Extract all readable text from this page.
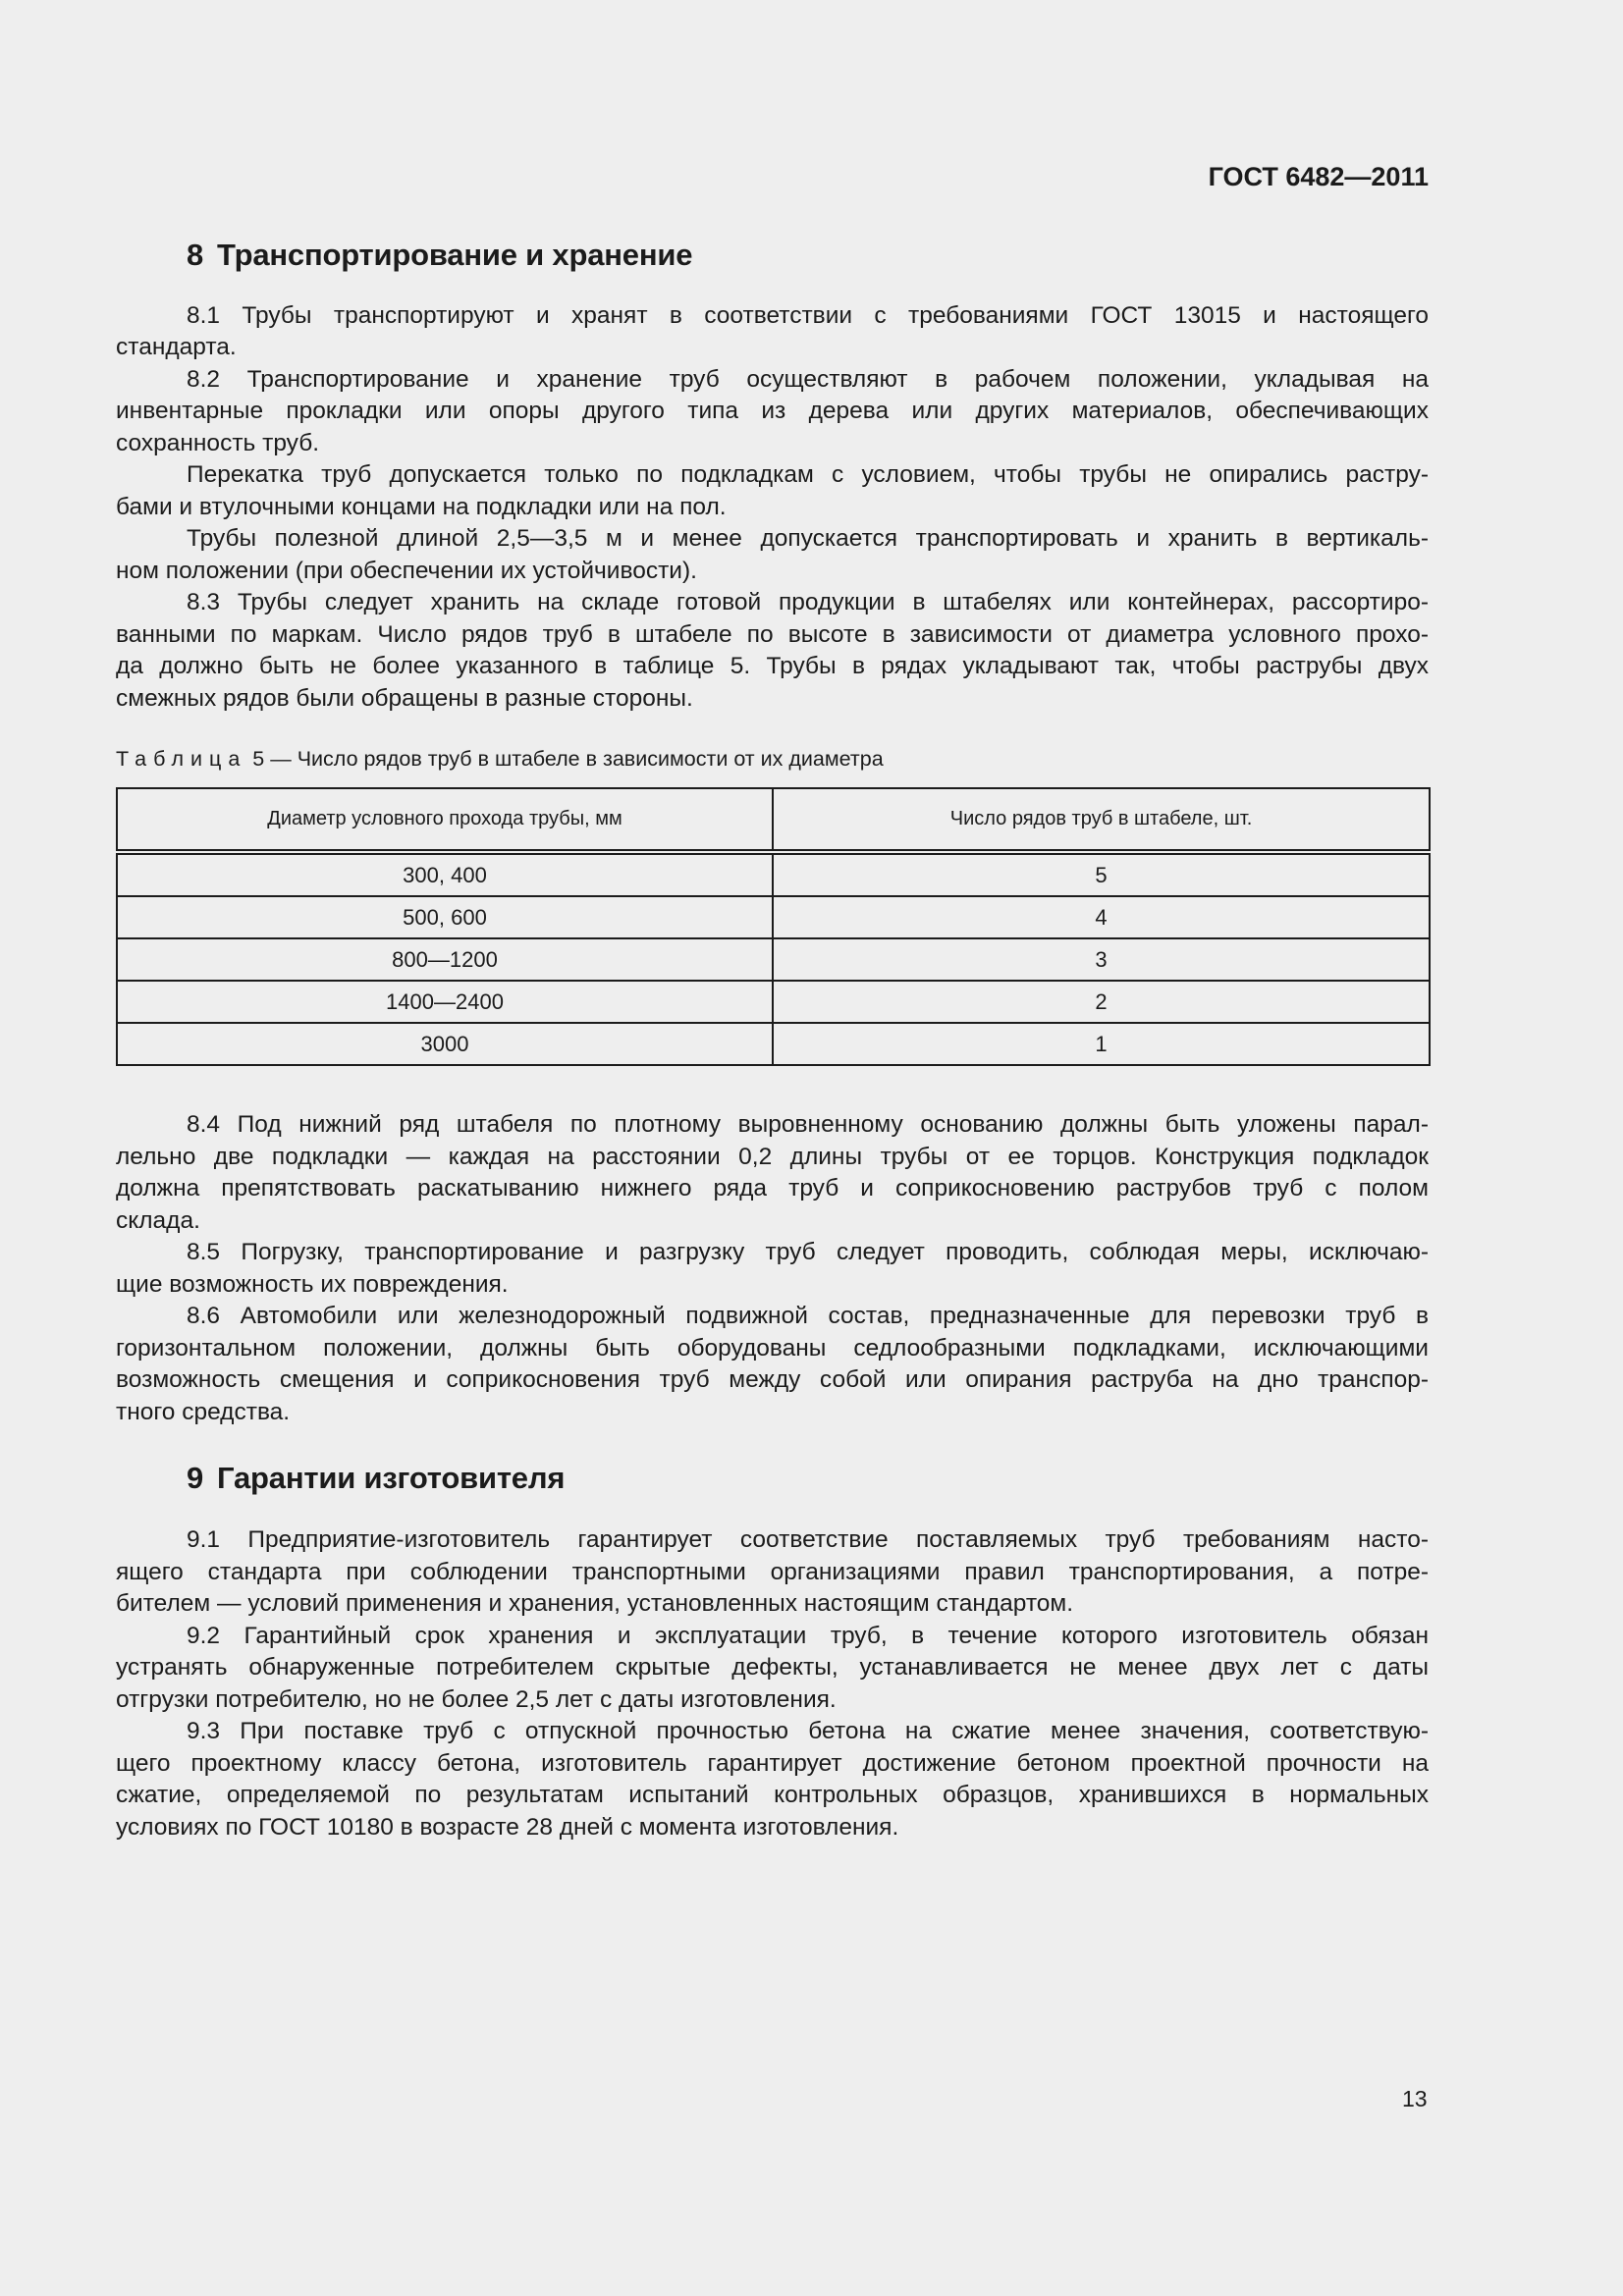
ГОСТ 6482—2011
8 Транспортирование и хранение
8.1 Трубы транспортируют и хранят в соответствии с требованиями ГОСТ 13015 и настоящего
стандарта.
8.2 Транспортирование и хранение труб осуществляют в рабочем положении, укладывая на
инвентарные прокладки или опоры другого типа из дерева или других материалов, обеспечивающих
сохранность труб.
Перекатка труб допускается только по подкладкам с условием, чтобы трубы не опирались растру-
бами и втулочными концами на подкладки или на пол.
Трубы полезной длиной 2,5—3,5 м и менее допускается транспортировать и хранить в вертикаль-
ном положении (при обеспечении их устойчивости).
8.3 Трубы следует хранить на складе готовой продукции в штабелях или контейнерах, рассортиро-
ванными по маркам. Число рядов труб в штабеле по высоте в зависимости от диаметра условного прохо-
да должно быть не более указанного в таблице 5. Трубы в рядах укладывают так, чтобы раструбы двух
смежных рядов были обращены в разные стороны.
Таблица 5 — Число рядов труб в штабеле в зависимости от их диаметра
Диаметр условного прохода трубы, мм	Число рядов труб в штабеле, шт.
300, 400	5
500, 600	4
800—1200	3
1400—2400	2
3000	1
8.4 Под нижний ряд штабеля по плотному выровненному основанию должны быть уложены парал-
лельно две подкладки — каждая на расстоянии 0,2 длины трубы от ее торцов. Конструкция подкладок
должна препятствовать раскатыванию нижнего ряда труб и соприкосновению раструбов труб с полом
склада.
8.5 Погрузку, транспортирование и разгрузку труб следует проводить, соблюдая меры, исключаю-
щие возможность их повреждения.
8.6 Автомобили или железнодорожный подвижной состав, предназначенные для перевозки труб в
горизонтальном положении, должны быть оборудованы седлообразными подкладками, исключающими
возможность смещения и соприкосновения труб между собой или опирания раструба на дно транспор-
тного средства.
9 Гарантии изготовителя
9.1 Предприятие-изготовитель гарантирует соответствие поставляемых труб требованиям насто-
ящего стандарта при соблюдении транспортными организациями правил транспортирования, а потре-
бителем — условий применения и хранения, установленных настоящим стандартом.
9.2 Гарантийный срок хранения и эксплуатации труб, в течение которого изготовитель обязан
устранять обнаруженные потребителем скрытые дефекты, устанавливается не менее двух лет с даты
отгрузки потребителю, но не более 2,5 лет с даты изготовления.
9.3 При поставке труб с отпускной прочностью бетона на сжатие менее значения, соответствую-
щего проектному классу бетона, изготовитель гарантирует достижение бетоном проектной прочности на
сжатие, определяемой по результатам испытаний контрольных образцов, хранившихся в нормальных
условиях по ГОСТ 10180 в возрасте 28 дней с момента изготовления.
13
